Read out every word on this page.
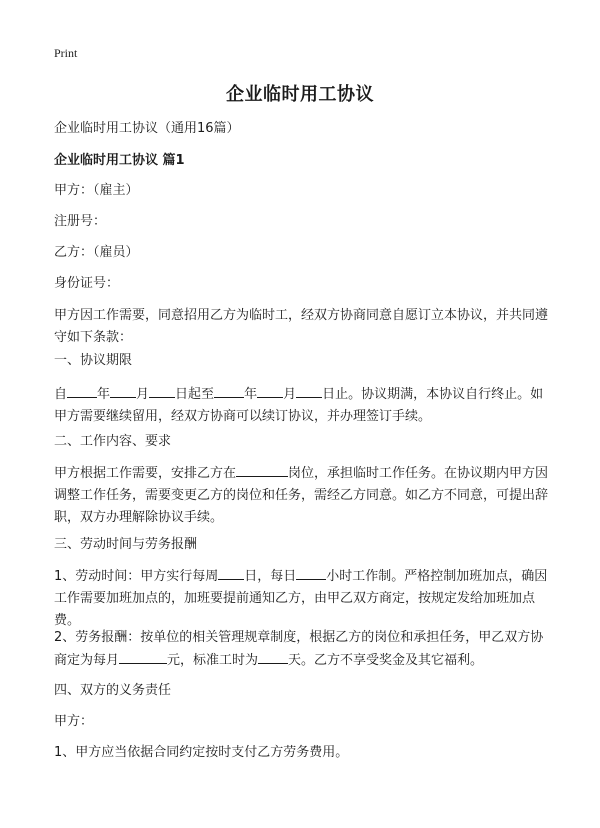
Print
企业临时用工协议

企业临时用工协议（通用16篇）

企业临时用工协议 篇1

甲方：（雇主）

注册号：

乙方：（雇员）

身份证号：

甲方因工作需要，同意招用乙方为临时工，经双方协商同意自愿订立本协议，并共同遵守如下条款：

一、协议期限

自 年 月 日起至 年 月 日止。协议期满，本协议自行终止。如甲方需要继续留用，经双方协商可以续订协议，并办理签订手续。

二、工作内容、要求

甲方根据工作需要，安排乙方在	岗位，承担临时工作任务。在协议期内甲方因调整工作任务，需要变更乙方的岗位和任务，需经乙方同意。如乙方不同意，可提出辞职，双方办理解除协议手续。

三、劳动时间与劳务报酬

1、劳动时间：甲方实行每周 日，每日 小时工作制。严格控制加班加点，确因工作需要加班加点的，加班要提前通知乙方，由甲乙双方商定，按规定发给加班加点费。

2、劳务报酬：按单位的相关管理规章制度，根据乙方的岗位和承担任务，甲乙双方协商定为每月	元，标准工时为 天。乙方不享受奖金及其它福利。

四、双方的义务责任

甲方：

1、甲方应当依据合同约定按时支付乙方劳务费用。
